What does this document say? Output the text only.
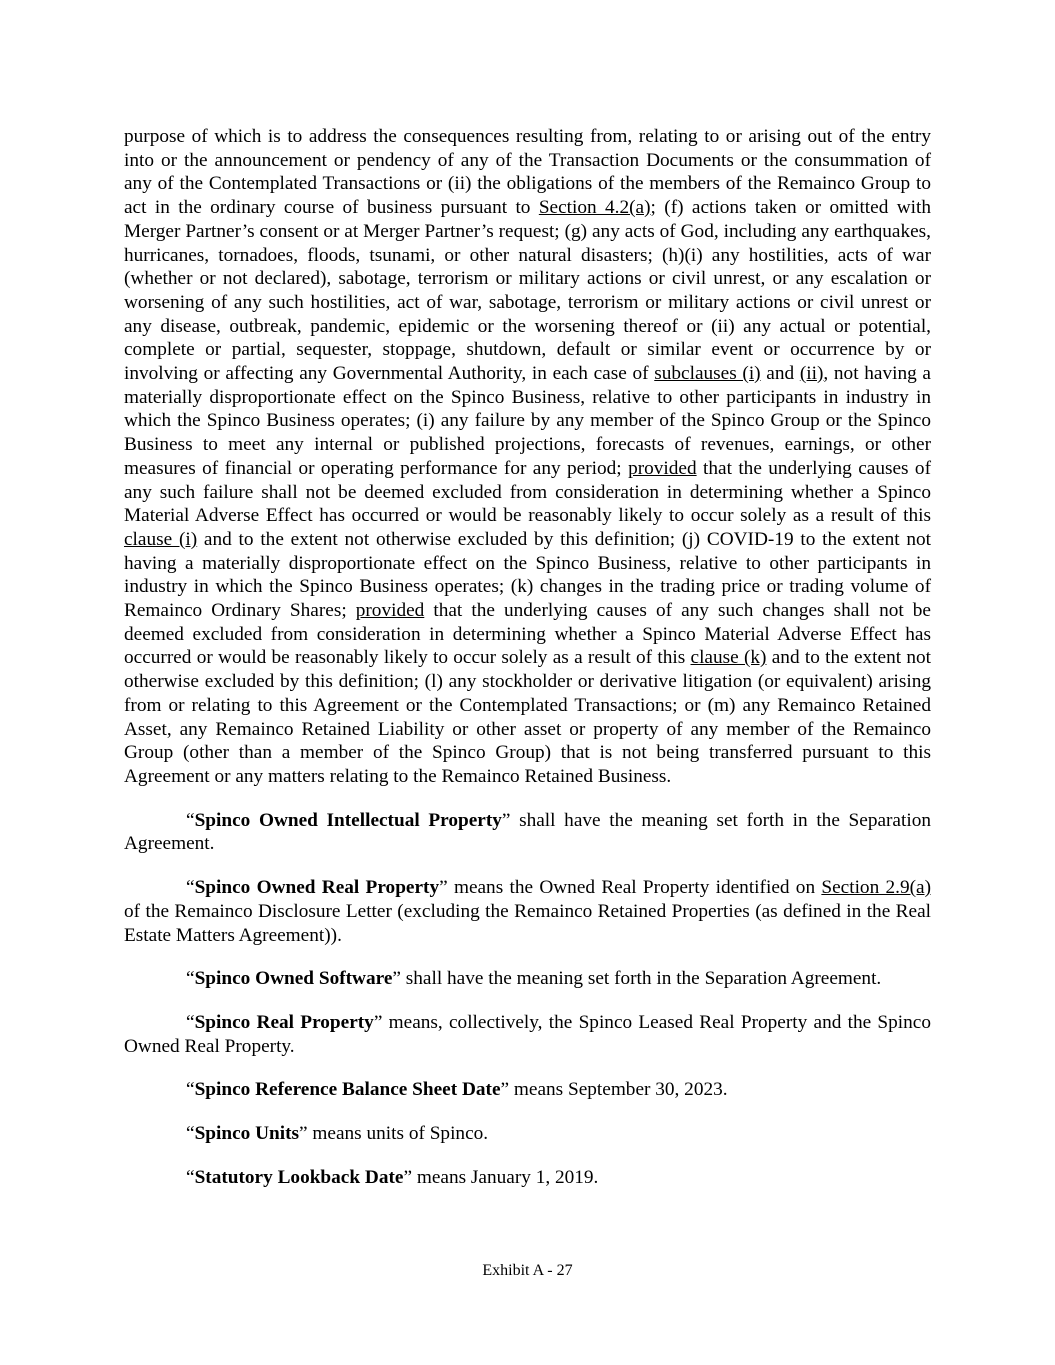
purpose of which is to address the consequences resulting from, relating to or arising out of the entry into or the announcement or pendency of any of the Transaction Documents or the consummation of any of the Contemplated Transactions or (ii) the obligations of the members of the Remainco Group to act in the ordinary course of business pursuant to Section 4.2(a); (f) actions taken or omitted with Merger Partner’s consent or at Merger Partner’s request; (g) any acts of God, including any earthquakes, hurricanes, tornadoes, floods, tsunami, or other natural disasters; (h)(i) any hostilities, acts of war (whether or not declared), sabotage, terrorism or military actions or civil unrest, or any escalation or worsening of any such hostilities, act of war, sabotage, terrorism or military actions or civil unrest or any disease, outbreak, pandemic, epidemic or the worsening thereof or (ii) any actual or potential, complete or partial, sequester, stoppage, shutdown, default or similar event or occurrence by or involving or affecting any Governmental Authority, in each case of subclauses (i) and (ii), not having a materially disproportionate effect on the Spinco Business, relative to other participants in industry in which the Spinco Business operates; (i) any failure by any member of the Spinco Group or the Spinco Business to meet any internal or published projections, forecasts of revenues, earnings, or other measures of financial or operating performance for any period; provided that the underlying causes of any such failure shall not be deemed excluded from consideration in determining whether a Spinco Material Adverse Effect has occurred or would be reasonably likely to occur solely as a result of this clause (i) and to the extent not otherwise excluded by this definition; (j) COVID-19 to the extent not having a materially disproportionate effect on the Spinco Business, relative to other participants in industry in which the Spinco Business operates; (k) changes in the trading price or trading volume of Remainco Ordinary Shares; provided that the underlying causes of any such changes shall not be deemed excluded from consideration in determining whether a Spinco Material Adverse Effect has occurred or would be reasonably likely to occur solely as a result of this clause (k) and to the extent not otherwise excluded by this definition; (l) any stockholder or derivative litigation (or equivalent) arising from or relating to this Agreement or the Contemplated Transactions; or (m) any Remainco Retained Asset, any Remainco Retained Liability or other asset or property of any member of the Remainco Group (other than a member of the Spinco Group) that is not being transferred pursuant to this Agreement or any matters relating to the Remainco Retained Business.

“Spinco Owned Intellectual Property” shall have the meaning set forth in the Separation Agreement.

“Spinco Owned Real Property” means the Owned Real Property identified on Section 2.9(a) of the Remainco Disclosure Letter (excluding the Remainco Retained Properties (as defined in the Real Estate Matters Agreement)).

“Spinco Owned Software” shall have the meaning set forth in the Separation Agreement.

“Spinco Real Property” means, collectively, the Spinco Leased Real Property and the Spinco Owned Real Property.

“Spinco Reference Balance Sheet Date” means September 30, 2023.

“Spinco Units” means units of Spinco.

“Statutory Lookback Date” means January 1, 2019.

Exhibit A - 27
